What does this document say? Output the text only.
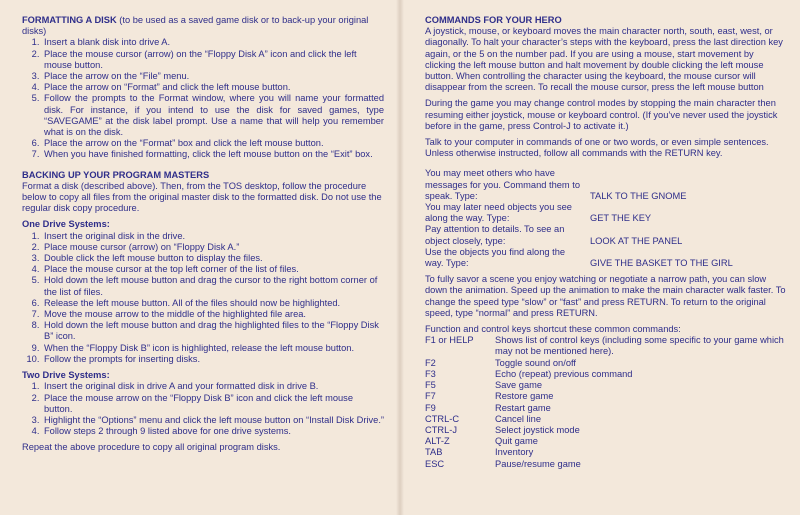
FORMATTING A DISK (to be used as a saved game disk or to back-up your original disks)
1. Insert a blank disk into drive A.
2. Place the mouse cursor (arrow) on the “Floppy Disk A” icon and click the left mouse button.
3. Place the arrow on the “File” menu.
4. Place the arrow on “Format” and click the left mouse button.
5. Follow the prompts to the Format window, where you will name your formatted disk. For instance, if you intend to use the disk for saved games, type “SAVEGAME” at the disk label prompt. Use a name that will help you remember what is on the disk.
6. Place the arrow on the “Format” box and click the left mouse button.
7. When you have finished formatting, click the left mouse button on the “Exit” box.
BACKING UP YOUR PROGRAM MASTERS

Format a disk (described above). Then, from the TOS desktop, follow the procedure below to copy all files from the original master disk to the formatted disk. Do not use the regular disk copy procedure.

One Drive Systems:
1. Insert the original disk in the drive.
2. Place mouse cursor (arrow) on “Floppy Disk A.”
3. Double click the left mouse button to display the files.
4. Place the mouse cursor at the top left corner of the list of files.
5. Hold down the left mouse button and drag the cursor to the right bottom corner of the list of files.
6. Release the left mouse button. All of the files should now be highlighted.
7. Move the mouse arrow to the middle of the highlighted file area.
8. Hold down the left mouse button and drag the highlighted files to the “Floppy Disk B” icon.
9. When the “Floppy Disk B” icon is highlighted, release the left mouse button.
10. Follow the prompts for inserting disks.
Two Drive Systems:
1. Insert the original disk in drive A and your formatted disk in drive B.
2. Place the mouse arrow on the “Floppy Disk B” icon and click the left mouse button.
3. Highlight the “Options” menu and click the left mouse button on “Install Disk Drive.”
4. Follow steps 2 through 9 listed above for one drive systems.

Repeat the above procedure to copy all original program disks.

COMMANDS FOR YOUR HERO

A joystick, mouse, or keyboard moves the main character north, south, east, west, or diagonally. To halt your character’s steps with the keyboard, press the last direction key again, or the 5 on the number pad. If you are using a mouse, start movement by clicking the left mouse button and halt movement by double clicking the left mouse button. When controlling the character using the keyboard, the mouse cursor will disappear from the screen. To recall the mouse cursor, press the left mouse button

During the game you may change control modes by stopping the main character then resuming either joystick, mouse or keyboard control. (If you’ve never used the joystick before in the game, press Control-J to activate it.)

Talk to your computer in commands of one or two words, or even simple sentences. Unless otherwise instructed, follow all commands with the RETURN key.

You may meet others who have messages for you. Command them to speak. Type:	TALK TO THE GNOME
You may later need objects you see along the way. Type:	GET THE KEY
Pay attention to details. To see an object closely, type:	LOOK AT THE PANEL
Use the objects you find along the way. Type:	GIVE THE BASKET TO THE GIRL

To fully savor a scene you enjoy watching or negotiate a narrow path, you can slow down the animation. Speed up the animation to make the main character walk faster. To change the speed type “slow” or “fast” and press RETURN. To return to the original speed, type “normal” and press RETURN.

Function and control keys shortcut these common commands:

F1 or HELP	Shows list of control keys (including some specific to your game which may not be mentioned here).
F2	Toggle sound on/off
F3	Echo (repeat) previous command
F5	Save game
F7	Restore game
F9	Restart game
CTRL-C	Cancel line
CTRL-J	Select joystick mode
ALT-Z	Quit game
TAB	Inventory
ESC	Pause/resume game
